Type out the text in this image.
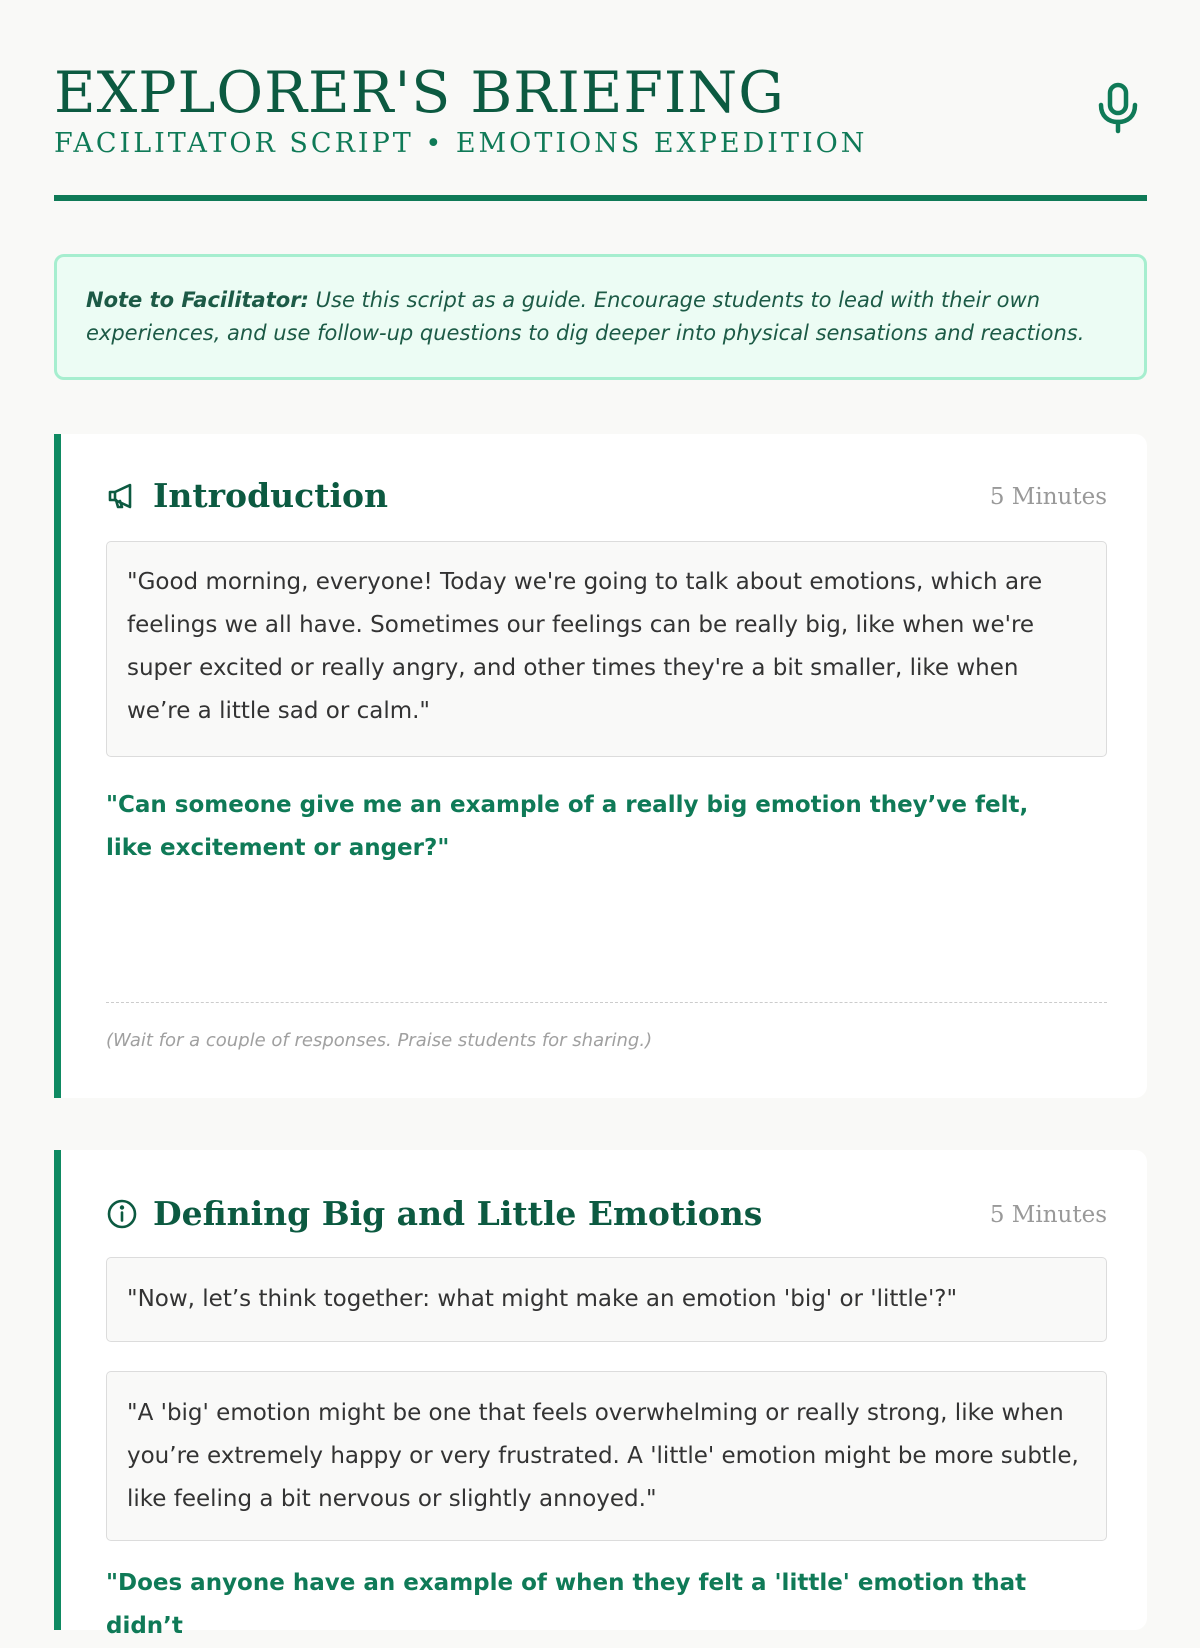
EXPLORER'S BRIEFING
FACILITATOR SCRIPT • EMOTIONS EXPEDITION
Note to Facilitator: Use this script as a guide. Encourage students to lead with their own experiences, and use follow-up questions to dig deeper into physical sensations and reactions.
Introduction	5 Minutes
"Good morning, everyone! Today we're going to talk about emotions, which are feelings we all have. Sometimes our feelings can be really big, like when we're super excited or really angry, and other times they're a bit smaller, like when we’re a little sad or calm."
"Can someone give me an example of a really big emotion they’ve felt, like excitement or anger?"
(Wait for a couple of responses. Praise students for sharing.)
Defining Big and Little Emotions	5 Minutes
"Now, let’s think together: what might make an emotion 'big' or 'little'?"
"A 'big' emotion might be one that feels overwhelming or really strong, like when you’re extremely happy or very frustrated. A 'little' emotion might be more subtle, like feeling a bit nervous or slightly annoyed."
"Does anyone have an example of when they felt a 'little' emotion that didn’t
